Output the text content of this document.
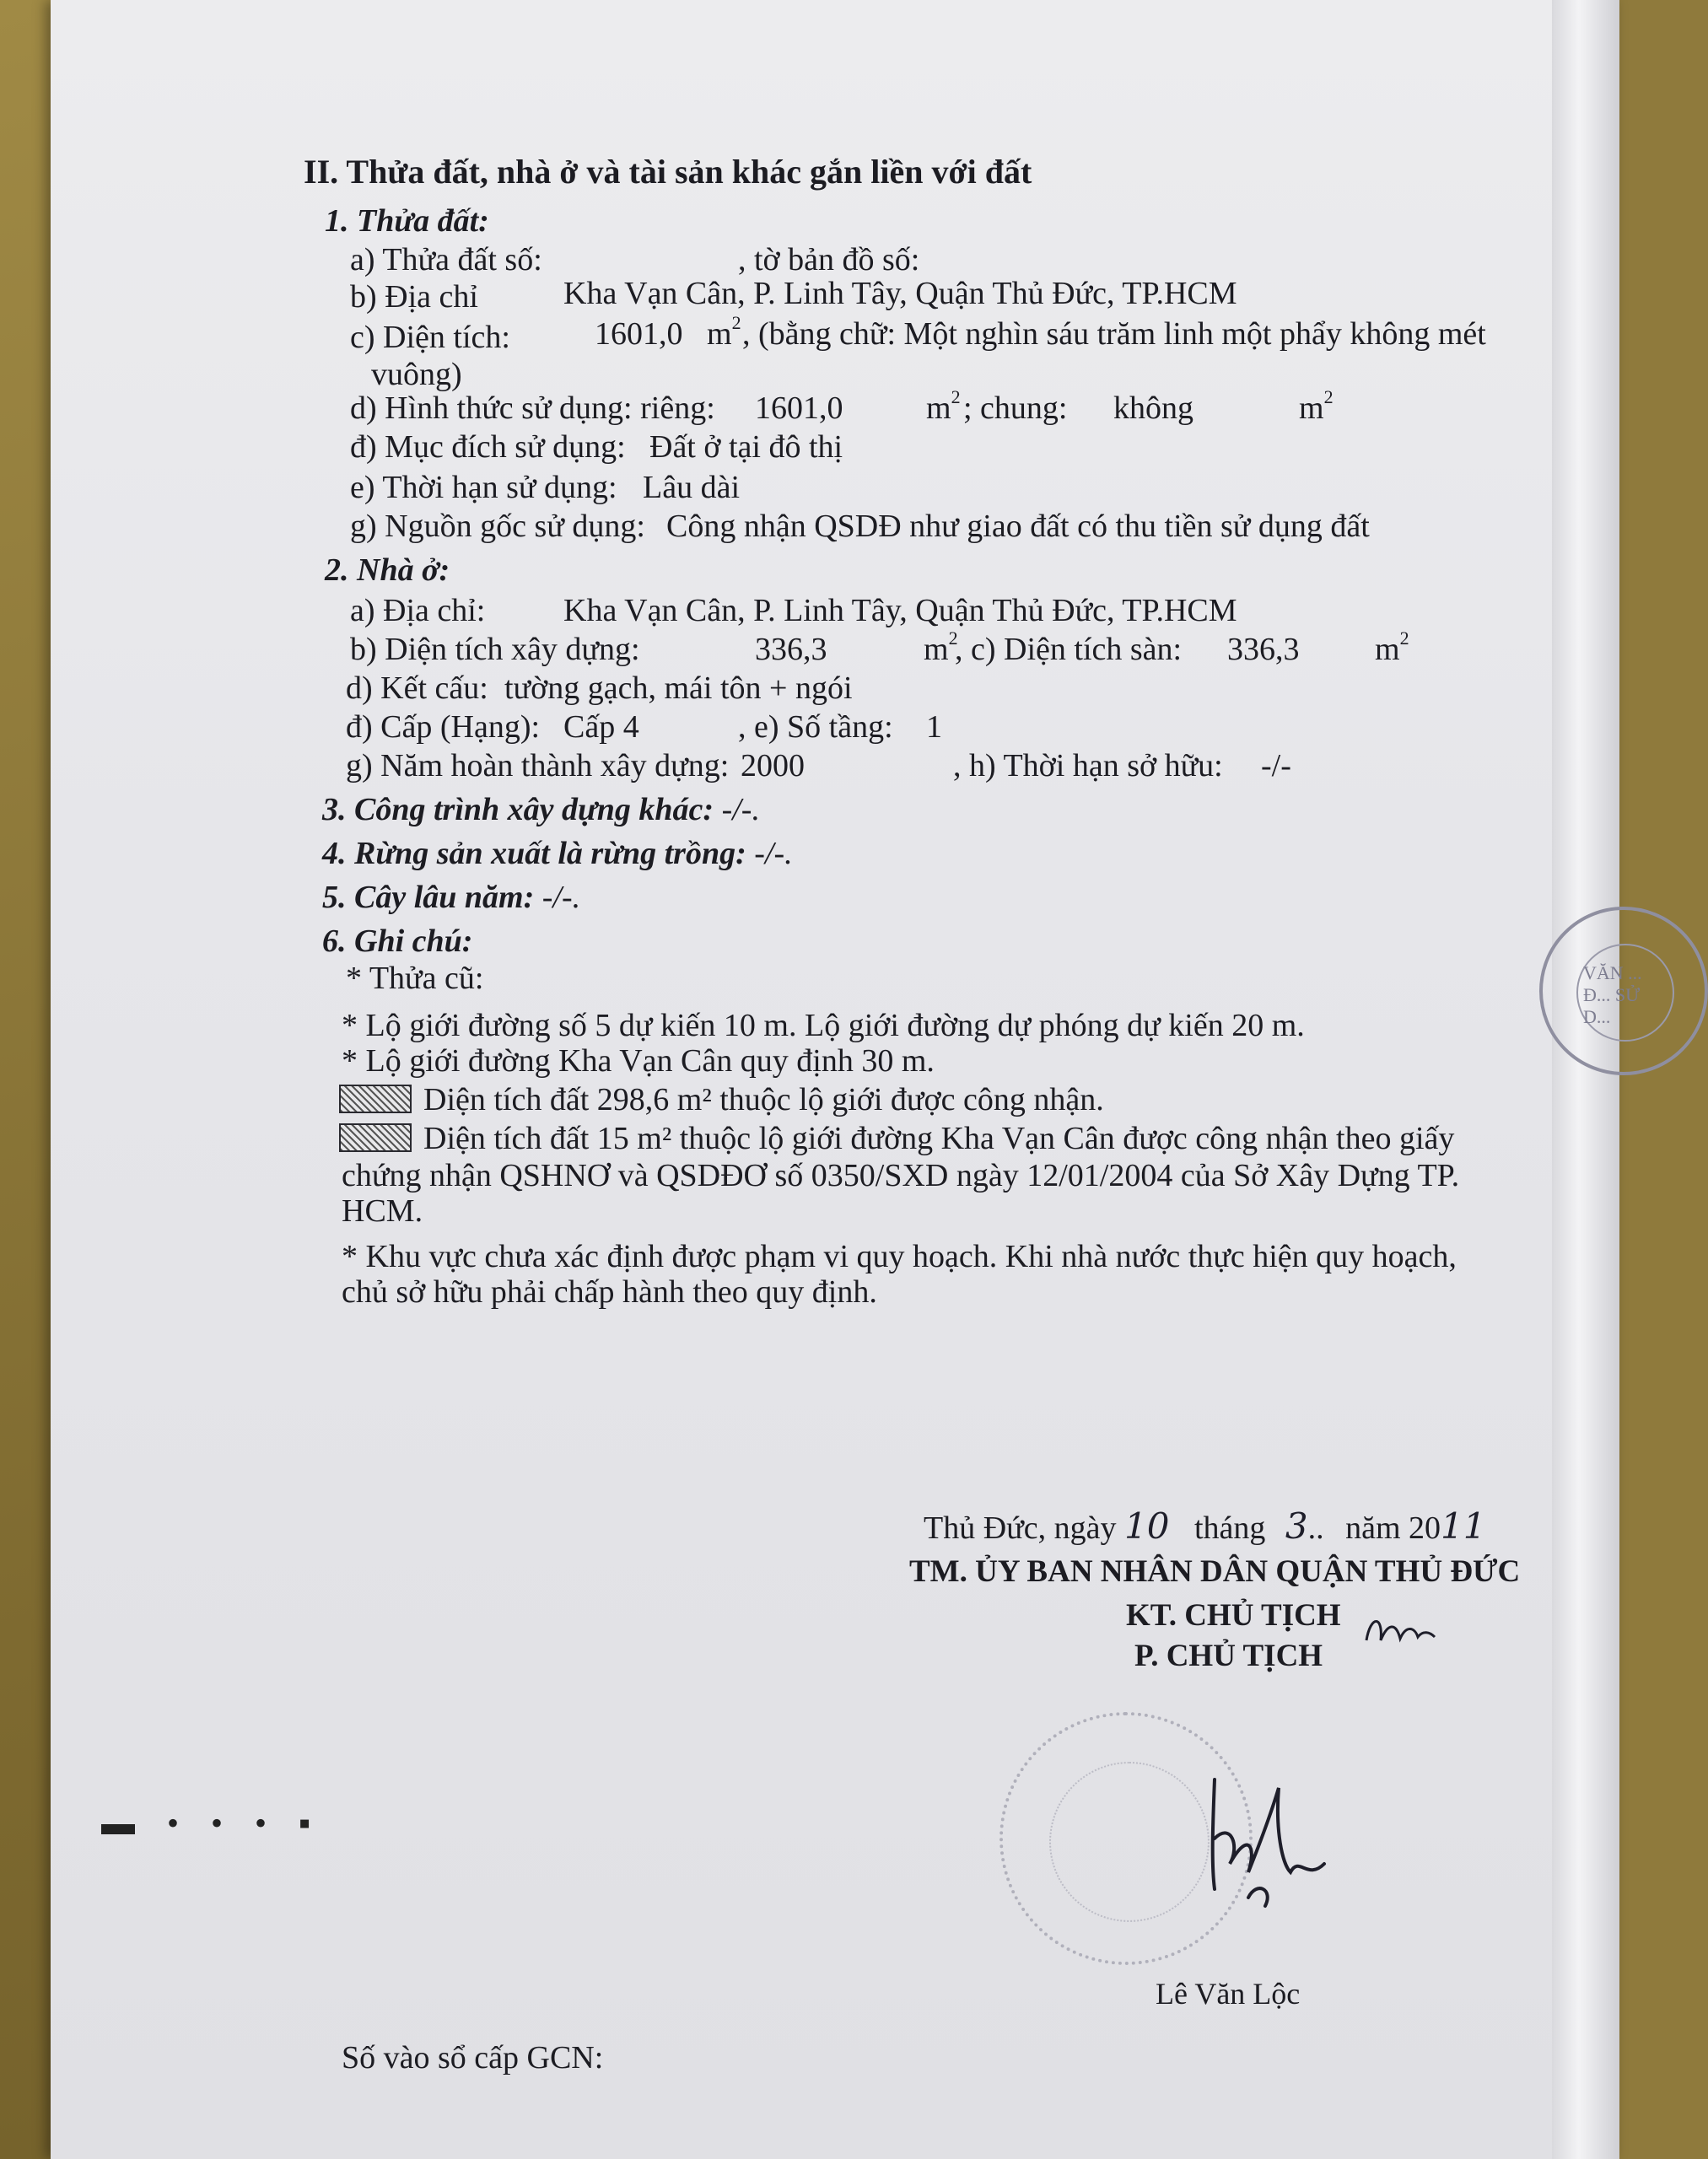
II. Thửa đất, nhà ở và tài sản khác gắn liền với đất
1. Thửa đất:
a) Thửa đất số:	, tờ bản đồ số:
b) Địa chỉ	Kha Vạn Cân, P. Linh Tây, Quận Thủ Đức, TP.HCM
c) Diện tích:	1601,0 $m^2$ , (bằng chữ: Một nghìn sáu trăm linh một phẩy không mét
vuông)
d) Hình thức sử dụng: riêng: 1601,0	$m^2$ ; chung: không	$m^2$
đ) Mục đích sử dụng: Đất ở tại đô thị
e) Thời hạn sử dụng: Lâu dài
g) Nguồn gốc sử dụng: Công nhận QSDĐ như giao đất có thu tiền sử dụng đất
2. Nhà ở:
a) Địa chỉ: Kha Vạn Cân, P. Linh Tây, Quận Thủ Đức, TP.HCM
b) Diện tích xây dựng:	336,3	$m^2$
, c) Diện tích sàn: 336,3 $m^2$
d) Kết cấu: tường gạch, mái tôn + ngói
đ) Cấp (Hạng): Cấp 4	, e) Số tầng: 1
g) Năm hoàn thành xây dựng: 2000	, h) Thời hạn sở hữu: -/-
3. Công trình xây dựng khác: -/-.
4. Rừng sản xuất là rừng trồng: -/-.
5. Cây lâu năm: -/-.
6. Ghi chú:
* Thửa cũ:
* Lộ giới đường số 5 dự kiến 10 m. Lộ giới đường dự phóng dự kiến 20 m.
* Lộ giới đường Kha Vạn Cân quy định 30 m.
Diện tích đất 298,6 m² thuộc lộ giới được công nhận.
Diện tích đất 15 m² thuộc lộ giới đường Kha Vạn Cân được công nhận theo giấy
chứng nhận QSHNƠ và QSDĐƠ số 0350/SXD ngày 12/01/2004 của Sở Xây Dựng TP.
HCM.
* Khu vực chưa xác định được phạm vi quy hoạch. Khi nhà nước thực hiện quy hoạch,
chủ sở hữu phải chấp hành theo quy định.
VĂN ... Đ... SỬ D...
Thủ Đức, ngày 10 tháng 3.. năm 2011
TM. ỦY BAN NHÂN DÂN QUẬN THỦ ĐỨC
KT. CHỦ TỊCH
P. CHỦ TỊCH
Lê Văn Lộc
▬ • • • ▪
Số vào sổ cấp GCN:
